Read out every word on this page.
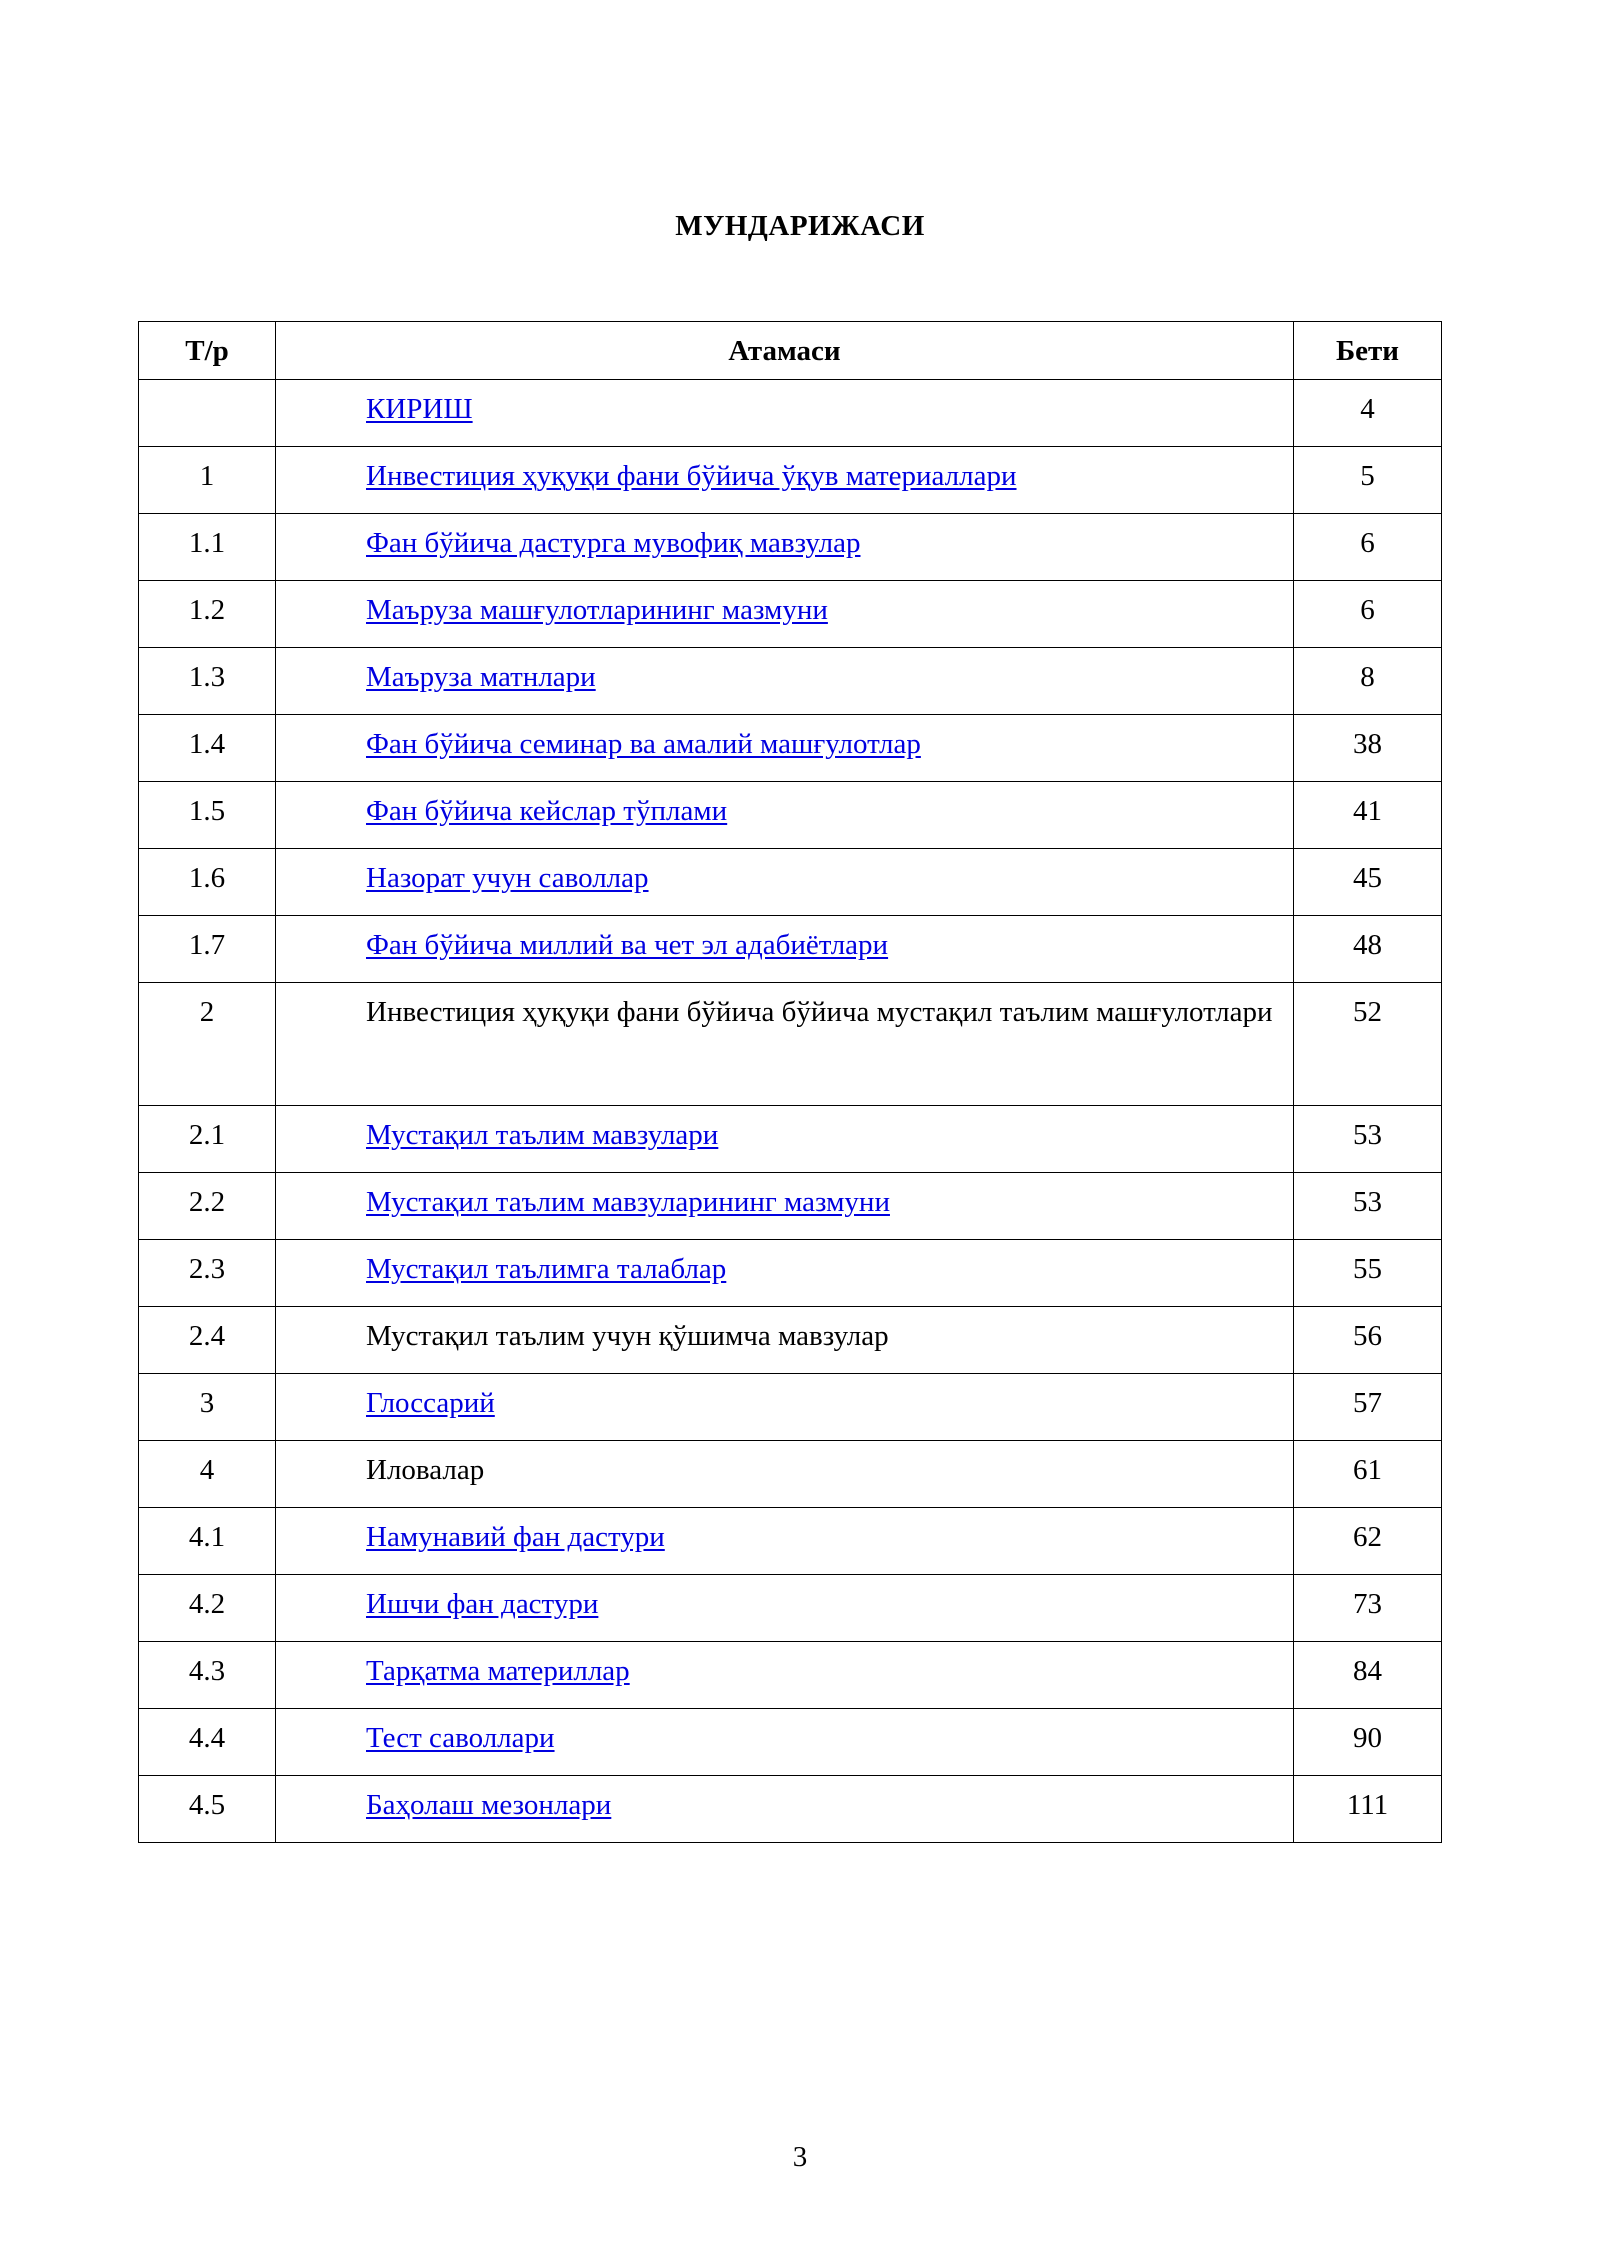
МУНДАРИЖАСИ
Т/р	Атамаси	Бети
	КИРИШ	4
1	Инвестиция ҳуқуқи фани бўйича ўқув материаллари	5
1.1	Фан бўйича дастурга мувофиқ мавзулар	6
1.2	Маъруза машғулотларининг мазмуни	6
1.3	Маъруза матнлари	8
1.4	Фан бўйича семинар ва амалий машғулотлар	38
1.5	Фан бўйича кейслар тўплами	41
1.6	Назорат учун саволлар	45
1.7	Фан бўйича миллий ва чет эл адабиётлари	48
2	Инвестиция ҳуқуқи фани бўйича бўйича мустақил таълим машғулотлари	52
2.1	Мустақил таълим мавзулари	53
2.2	Мустақил таълим мавзуларининг мазмуни	53
2.3	Мустақил таълимга талаблар	55
2.4	Мустақил таълим учун қўшимча мавзулар	56
3	Глоссарий	57
4	Иловалар	61
4.1	Намунавий фан дастури	62
4.2	Ишчи фан дастури	73
4.3	Тарқатма материллар	84
4.4	Тест саволлари	90
4.5	Баҳолаш мезонлари	111
3
